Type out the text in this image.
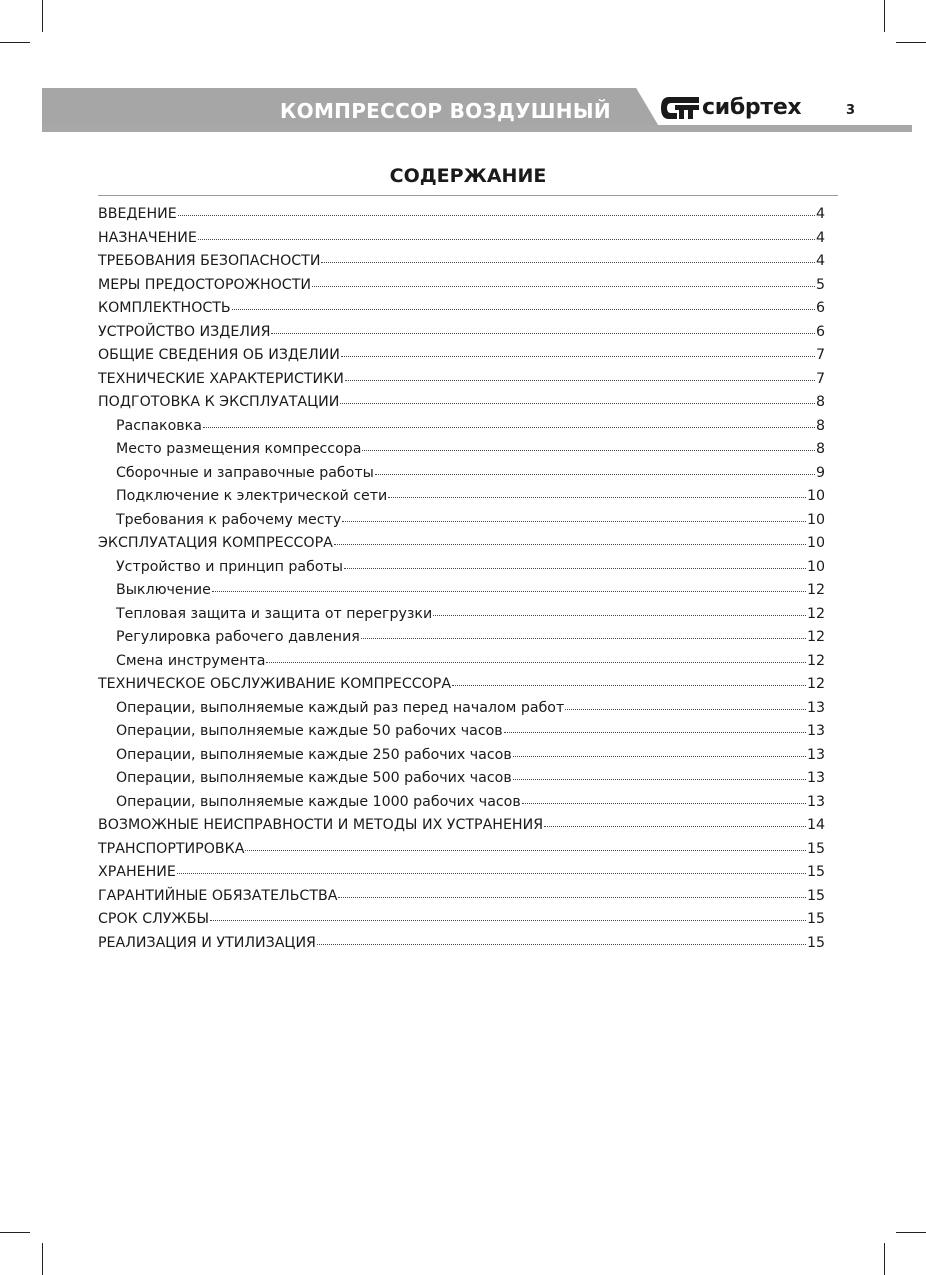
КОМПРЕССОР ВОЗДУШНЫЙ	сибртех	3
СОДЕРЖАНИЕ
ВВЕДЕНИЕ	4
НАЗНАЧЕНИЕ	4
ТРЕБОВАНИЯ БЕЗОПАСНОСТИ	4
МЕРЫ ПРЕДОСТОРОЖНОСТИ	5
КОМПЛЕКТНОСТЬ	6
УСТРОЙСТВО ИЗДЕЛИЯ	6
ОБЩИЕ СВЕДЕНИЯ ОБ ИЗДЕЛИИ	7
ТЕХНИЧЕСКИЕ ХАРАКТЕРИСТИКИ	7
ПОДГОТОВКА К ЭКСПЛУАТАЦИИ	8
Распаковка	8
Место размещения компрессора	8
Сборочные и заправочные работы	9
Подключение к электрической сети	10
Требования к рабочему месту	10
ЭКСПЛУАТАЦИЯ КОМПРЕССОРА	10
Устройство и принцип работы	10
Выключение	12
Тепловая защита и защита от перегрузки	12
Регулировка рабочего давления	12
Смена инструмента	12
ТЕХНИЧЕСКОЕ ОБСЛУЖИВАНИЕ КОМПРЕССОРА	12
Операции, выполняемые каждый раз перед началом работ	13
Операции, выполняемые каждые 50 рабочих часов	13
Операции, выполняемые каждые 250 рабочих часов	13
Операции, выполняемые каждые 500 рабочих часов	13
Операции, выполняемые каждые 1000 рабочих часов	13
ВОЗМОЖНЫЕ НЕИСПРАВНОСТИ И МЕТОДЫ ИХ УСТРАНЕНИЯ	14
ТРАНСПОРТИРОВКА	15
ХРАНЕНИЕ	15
ГАРАНТИЙНЫЕ ОБЯЗАТЕЛЬСТВА	15
СРОК СЛУЖБЫ	15
РЕАЛИЗАЦИЯ И УТИЛИЗАЦИЯ	15
